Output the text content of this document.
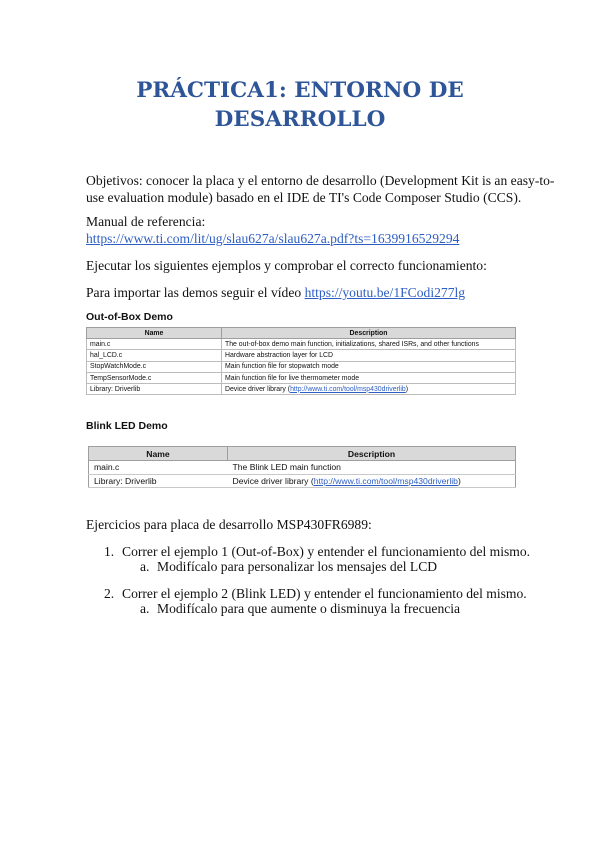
PRÁCTICA1: ENTORNO DE
DESARROLLO
Objetivos: conocer la placa y el entorno de desarrollo (Development Kit is an easy-to-
use evaluation module) basado en el IDE de TI's Code Composer Studio (CCS).
Manual de referencia:
https://www.ti.com/lit/ug/slau627a/slau627a.pdf?ts=1639916529294
Ejecutar los siguientes ejemplos y comprobar el correcto funcionamiento:
Para importar las demos seguir el vídeo https://youtu.be/1FCodi277lg
Out-of-Box Demo
Name	Description
main.c	The out-of-box demo main function, initializations, shared ISRs, and other functions
hal_LCD.c	Hardware abstraction layer for LCD
StopWatchMode.c	Main function file for stopwatch mode
TempSensorMode.c	Main function file for live thermometer mode
Library: Driverlib	Device driver library (http://www.ti.com/tool/msp430driverlib)
Blink LED Demo
Name	Description
main.c	The Blink LED main function
Library: Driverlib	Device driver library (http://www.ti.com/tool/msp430driverlib)
Ejercicios para placa de desarrollo MSP430FR6989:
1. Correr el ejemplo 1 (Out-of-Box) y entender el funcionamiento del mismo.
a. Modifícalo para personalizar los mensajes del LCD
2. Correr el ejemplo 2 (Blink LED) y entender el funcionamiento del mismo.
a. Modifícalo para que aumente o disminuya la frecuencia
